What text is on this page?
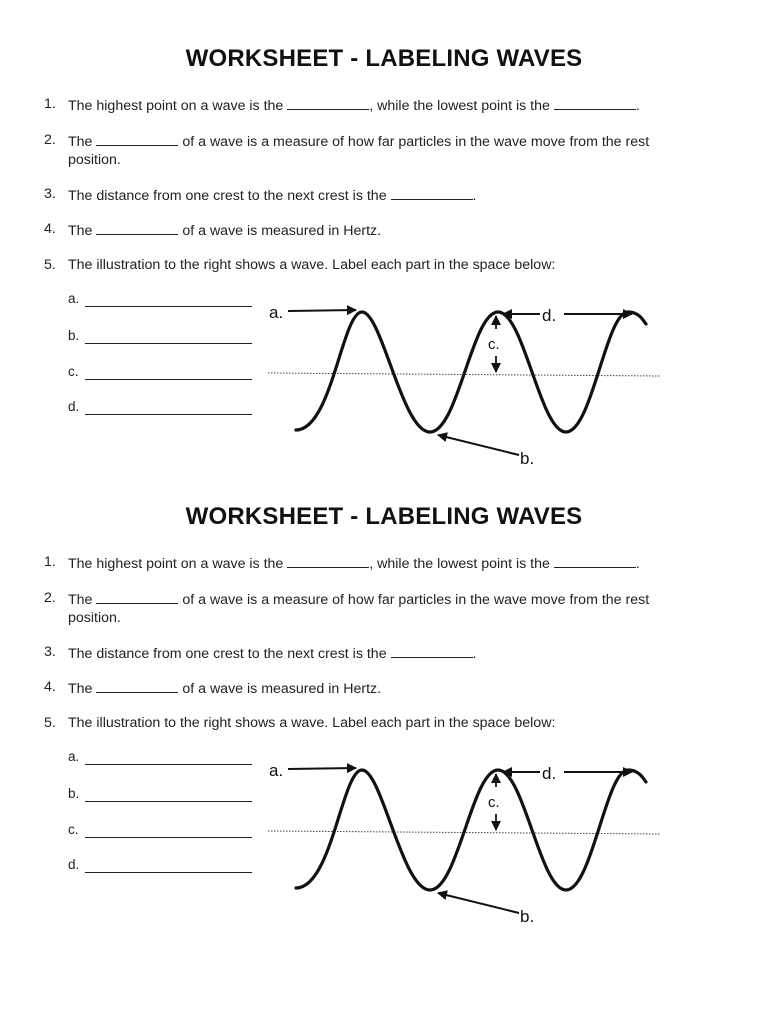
WORKSHEET - LABELING WAVES
1. The highest point on a wave is the	, while the lowest point is the	.
2. The	of a wave is a measure of how far particles in the wave move from the rest position.
3. The distance from one crest to the next crest is the	.
4. The	of a wave is measured in Hertz.
5. The illustration to the right shows a wave. Label each part in the space below:
a.
b.
c.
d.
a.	d.
c.
b.
WORKSHEET - LABELING WAVES
1. The highest point on a wave is the	, while the lowest point is the	.
2. The	of a wave is a measure of how far particles in the wave move from the rest position.
3. The distance from one crest to the next crest is the	.
4. The	of a wave is measured in Hertz.
5. The illustration to the right shows a wave. Label each part in the space below:
a.
b.
c.
d.
a.	d.
c.
b.
